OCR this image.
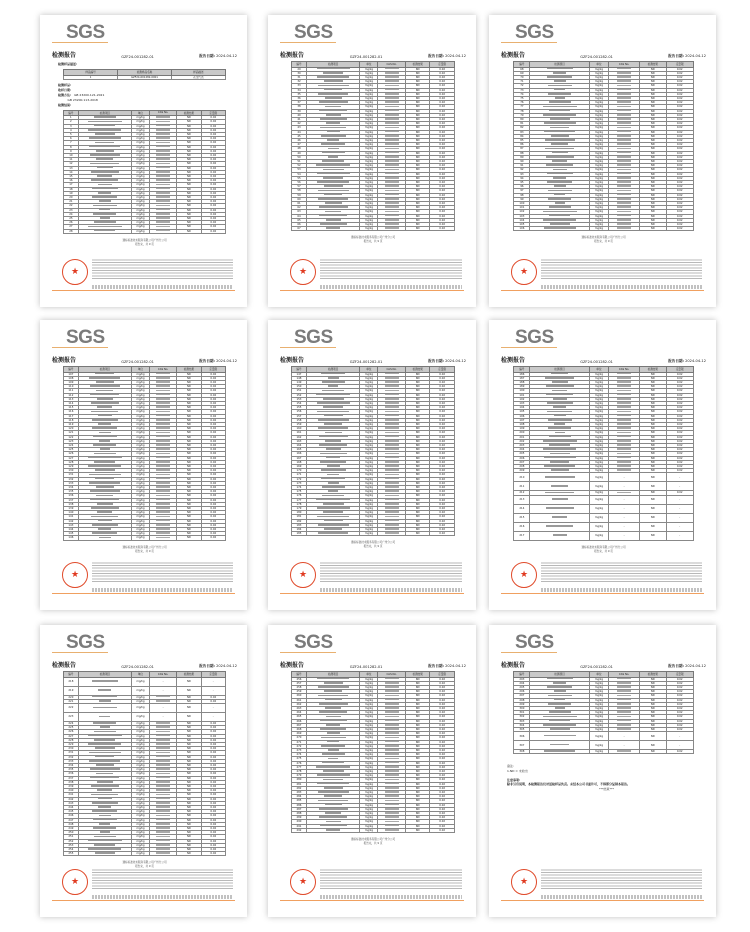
SGS
检测报告	GZF24-001282-01	报告日期: 2024-04-12
检测样品描述:
样品编号	检测样品名称	样品描述
1	GZF24-001282-0001	花生代表
检测样品:
收样日期:
检测方法: GB 23200.121-2021
GB 23200.113-2018
检测结果:
编号	检测项目	单位	CAS No.	检测结果	定量限
1		mg/kg		ND	0.02
2		mg/kg		ND	0.02
3		mg/kg		ND	0.02
4		mg/kg		ND	0.02
5		mg/kg		ND	0.02
6		mg/kg		ND	0.02
7		mg/kg		ND	0.02
8		mg/kg		ND	0.02
9		mg/kg		ND	0.02
10		mg/kg		ND	0.02
11		mg/kg		ND	0.02
12		mg/kg		ND	0.02
13		mg/kg		ND	0.02
14		mg/kg		ND	0.02
15		mg/kg		ND	0.02
16		mg/kg		ND	0.02
17		mg/kg		ND	0.02
18		mg/kg		ND	0.02
19		mg/kg		ND	0.02
20		mg/kg		ND	0.02
21		mg/kg		ND	0.02
22		mg/kg		ND	0.02
23		mg/kg		ND	0.02
24		mg/kg		ND	0.02
25		mg/kg		ND	0.02
26		mg/kg		ND	0.02
27		mg/kg		ND	0.02
28		mg/kg		ND	0.02
通标标准技术服务有限公司广州分公司
报告完，共 9 页
★
SGS
检测报告	GZF24-001282-01	报告日期: 2024-04-12
编号	检测项目	单位	CAS No.	检测结果	定量限
29		mg/kg		ND	0.02
30		mg/kg		ND	0.02
31		mg/kg		ND	0.02
32		mg/kg		ND	0.02
33		mg/kg		ND	0.02
34		mg/kg		ND	0.02
35		mg/kg		ND	0.02
36		mg/kg		ND	0.02
37		mg/kg		ND	0.02
38		mg/kg		ND	0.02
39		mg/kg		ND	0.02
40		mg/kg		ND	0.02
41		mg/kg		ND	0.02
42		mg/kg		ND	0.02
43		mg/kg		ND	0.02
44		mg/kg		ND	0.02
45		mg/kg		ND	0.02
46		mg/kg		ND	0.02
47		mg/kg		ND	0.02
48		mg/kg		ND	0.02
49		mg/kg		ND	0.02
50		mg/kg		ND	0.02
51		mg/kg		ND	0.02
52		mg/kg		ND	0.02
53		mg/kg		ND	0.02
54		mg/kg		ND	0.02
55		mg/kg		ND	0.02
56		mg/kg		ND	0.02
57		mg/kg		ND	0.02
58		mg/kg		ND	0.02
59		mg/kg		ND	0.02
60		mg/kg		ND	0.02
61		mg/kg		ND	0.02
62		mg/kg		ND	0.02
63		mg/kg		ND	0.02
64		mg/kg		ND	0.02
65		mg/kg		ND	0.02
66		mg/kg		ND	0.02
67		mg/kg		ND	0.02
通标标准技术服务有限公司广州分公司
报告完，共 9 页
★
SGS
检测报告	GZF24-001282-01	报告日期: 2024-04-12
编号	检测项目	单位	CAS No.	检测结果	定量限
68		mg/kg		ND	0.02
69		mg/kg		ND	0.02
70		mg/kg		ND	0.02
71		mg/kg		ND	0.02
72		mg/kg		ND	0.02
73		mg/kg		ND	0.02
74		mg/kg		ND	0.02
75		mg/kg		ND	0.02
76		mg/kg		ND	0.02
77		mg/kg		ND	0.02
78		mg/kg		ND	0.02
79		mg/kg		ND	0.02
80		mg/kg		ND	0.02
81		mg/kg		ND	0.02
82		mg/kg		ND	0.02
83		mg/kg		ND	0.02
84		mg/kg		ND	0.02
85		mg/kg		ND	0.02
86		mg/kg		ND	0.02
87		mg/kg		ND	0.02
88		mg/kg		ND	0.02
89		mg/kg		ND	0.02
90		mg/kg		ND	0.02
91		mg/kg		ND	0.02
92		mg/kg		ND	0.02
93		mg/kg		ND	0.02
94		mg/kg		ND	0.02
95		mg/kg		ND	0.02
96		mg/kg		ND	0.02
97		mg/kg		ND	0.02
98		mg/kg		ND	0.02
99		mg/kg		ND	0.02
100		mg/kg		ND	0.02
101		mg/kg		ND	0.02
102		mg/kg		ND	0.02
103		mg/kg		ND	0.02
104		mg/kg		ND	0.02
105		mg/kg		ND	0.02
106		mg/kg		ND	0.02
通标标准技术服务有限公司广州分公司
报告完，共 9 页
★
SGS
检测报告	GZF24-001282-01	报告日期: 2024-04-12
编号	检测项目	单位	CAS No.	检测结果	定量限
107		mg/kg		ND	0.02
108		mg/kg		ND	0.02
109		mg/kg		ND	0.02
110		mg/kg		ND	0.02
111		mg/kg		ND	0.02
112		mg/kg		ND	0.02
113		mg/kg		ND	0.02
114		mg/kg		ND	0.02
115		mg/kg		ND	0.02
116		mg/kg		ND	0.02
117		mg/kg		ND	0.02
118		mg/kg		ND	0.02
119		mg/kg		ND	0.02
120		mg/kg		ND	0.02
121		mg/kg		ND	0.02
122		mg/kg		ND	0.02
123		mg/kg		ND	0.02
124		mg/kg		ND	0.02
125		mg/kg		ND	0.02
126		mg/kg		ND	0.02
127		mg/kg		ND	0.02
128		mg/kg		ND	0.02
129		mg/kg		ND	0.02
130		mg/kg		ND	0.02
131		mg/kg		ND	0.02
132		mg/kg		ND	0.02
133		mg/kg		ND	0.02
134		mg/kg		ND	0.02
135		mg/kg		ND	0.02
136		mg/kg		ND	0.02
137		mg/kg		ND	0.02
138		mg/kg		ND	0.02
139		mg/kg		ND	0.02
140		mg/kg		ND	0.02
141		mg/kg		ND	0.02
142		mg/kg		ND	0.02
143		mg/kg		ND	0.02
144		mg/kg		ND	0.02
145		mg/kg		ND	0.02
146		mg/kg		ND	0.02
通标标准技术服务有限公司广州分公司
报告完，共 9 页
★
SGS
检测报告	GZF24-001282-01	报告日期: 2024-04-12
编号	检测项目	单位	CAS No.	检测结果	定量限
147		mg/kg		ND	0.02
148		mg/kg		ND	0.02
149		mg/kg		ND	0.02
150		mg/kg		ND	0.02
151		mg/kg		ND	0.02
152		mg/kg		ND	0.02
153		mg/kg		ND	0.02
154		mg/kg		ND	0.02
155		mg/kg		ND	0.02
156		mg/kg		ND	0.02
157		mg/kg		ND	0.02
158		mg/kg		ND	0.02
159		mg/kg		ND	0.02
160		mg/kg		ND	0.02
161		mg/kg		ND	0.02
162		mg/kg		ND	0.02
163		mg/kg		ND	0.02
164		mg/kg		ND	0.02
165		mg/kg		ND	0.02
166		mg/kg		ND	0.02
167		mg/kg		ND	0.02
168		mg/kg		ND	0.02
169		mg/kg		ND	0.02
170		mg/kg		ND	0.02
171		mg/kg		ND	0.02
172		mg/kg		ND	0.02
173		mg/kg		ND	0.02
174		mg/kg		ND	0.02
175		mg/kg		ND	0.02
176		mg/kg		ND	0.02
177		mg/kg		ND	0.02
178		mg/kg		ND	0.02
179		mg/kg		ND	0.02
180		mg/kg		ND	0.02
181		mg/kg		ND	0.02
182		mg/kg		ND	0.02
183		mg/kg		ND	0.02
184		mg/kg		ND	0.02
185		mg/kg		ND	0.02
通标标准技术服务有限公司广州分公司
报告完，共 9 页
★
SGS
检测报告	GZF24-001282-01	报告日期: 2024-04-12
编号	检测项目	单位	CAS No.	检测结果	定量限
186		mg/kg		ND	0.02
187		mg/kg		ND	0.02
188		mg/kg		ND	0.02
189		mg/kg		ND	0.02
190		mg/kg		ND	0.02
191		mg/kg		ND	0.02
192		mg/kg		ND	0.02
193		mg/kg		ND	0.02
194		mg/kg		ND	0.02
195		mg/kg		ND	0.02
196		mg/kg		ND	0.02
197		mg/kg		ND	0.02
198		mg/kg		ND	0.02
199		mg/kg		ND	0.02
200		mg/kg		ND	0.02
201		mg/kg		ND	0.02
202		mg/kg		ND	0.02
203		mg/kg		ND	0.02
204		mg/kg		ND	0.02
205		mg/kg		ND	0.02
206		mg/kg		ND	0.02
207		mg/kg		ND	0.02
208		mg/kg		ND	0.02
209		mg/kg		ND	0.02
210		mg/kg	-	ND	-
211		mg/kg	-	ND	-
212		mg/kg		ND	0.02
213		mg/kg	-	ND	-
214		mg/kg	-	ND	-
215		mg/kg	-	ND	-
216		mg/kg	-	ND	-
217		mg/kg	-	ND	-
通标标准技术服务有限公司广州分公司
报告完，共 9 页
★
SGS
检测报告	GZF24-001282-01	报告日期: 2024-04-12
编号	检测项目	单位	CAS No.	检测结果	定量限
218		mg/kg	-	ND	-
219		mg/kg	-	ND	-
220		mg/kg		ND	0.02
221		mg/kg		ND	0.02
222		mg/kg	-	ND	-
223		mg/kg	-	ND	-
224		mg/kg		ND	0.02
225		mg/kg		ND	0.02
226		mg/kg		ND	0.02
227		mg/kg		ND	0.02
228		mg/kg		ND	0.02
229		mg/kg		ND	0.02
230		mg/kg		ND	0.02
231		mg/kg		ND	0.02
232		mg/kg		ND	0.02
233		mg/kg		ND	0.02
234		mg/kg		ND	0.02
235		mg/kg		ND	0.02
236		mg/kg		ND	0.02
237		mg/kg		ND	0.02
238		mg/kg		ND	0.02
239		mg/kg		ND	0.02
240		mg/kg		ND	0.02
241		mg/kg		ND	0.02
242		mg/kg		ND	0.02
243		mg/kg		ND	0.02
244		mg/kg		ND	0.02
245		mg/kg		ND	0.02
246		mg/kg		ND	0.02
247		mg/kg		ND	0.02
248		mg/kg		ND	0.02
249		mg/kg		ND	0.02
250		mg/kg		ND	0.02
251		mg/kg		ND	0.02
252		mg/kg		ND	0.02
253		mg/kg		ND	0.02
254		mg/kg		ND	0.02
255		mg/kg		ND	0.02
通标标准技术服务有限公司广州分公司
报告完，共 9 页
★
SGS
检测报告	GZF24-001282-01	报告日期: 2024-04-12
编号	检测项目	单位	CAS No.	检测结果	定量限
256		mg/kg		ND	0.02
257		mg/kg		ND	0.02
258		mg/kg		ND	0.02
259		mg/kg		ND	0.02
260		mg/kg		ND	0.02
261		mg/kg		ND	0.02
262		mg/kg		ND	0.02
263		mg/kg		ND	0.02
264		mg/kg		ND	0.02
265		mg/kg		ND	0.02
266		mg/kg		ND	0.02
267		mg/kg		ND	0.02
268		mg/kg		ND	0.02
269		mg/kg		ND	0.02
270		mg/kg		ND	0.02
271		mg/kg		ND	0.02
272		mg/kg		ND	0.02
273		mg/kg		ND	0.02
274		mg/kg		ND	0.02
275		mg/kg		ND	0.02
276		mg/kg		ND	0.02
277		mg/kg		ND	0.02
278		mg/kg		ND	0.02
279		mg/kg		ND	0.02
280		mg/kg		ND	0.02
281		mg/kg		ND	0.02
282		mg/kg		ND	0.02
283		mg/kg		ND	0.02
284		mg/kg		ND	0.02
285		mg/kg		ND	0.02
286		mg/kg		ND	0.02
287		mg/kg		ND	0.02
288		mg/kg		ND	0.02
289		mg/kg		ND	0.02
290		mg/kg		ND	0.02
291		mg/kg		ND	0.02
292		mg/kg		ND	0.02
通标标准技术服务有限公司广州分公司
报告完，共 9 页
★
SGS
检测报告	GZF24-001282-01	报告日期: 2024-04-12
编号	检测项目	单位	CAS No.	检测结果	定量限
293		mg/kg		ND	0.02
294		mg/kg		ND	0.02
295		mg/kg		ND	0.02
296		mg/kg		ND	0.02
297		mg/kg		ND	0.02
298		mg/kg		ND	0.02
299		mg/kg		ND	0.02
300		mg/kg		ND	0.02
301		mg/kg		ND	0.02
302		mg/kg		ND	0.02
303		mg/kg		ND	0.02
304		mg/kg		ND	0.02
305		mg/kg		ND	0.02
306		mg/kg	-	ND	-
307		mg/kg	-	ND	-
308		mg/kg		ND	0.02
备注:
1.ND = 未检出

注意事项:
除非另有说明，本检测报告仅对送检样品负责。未经本公司书面许可，不得部分复制本报告。
***结束***
★
